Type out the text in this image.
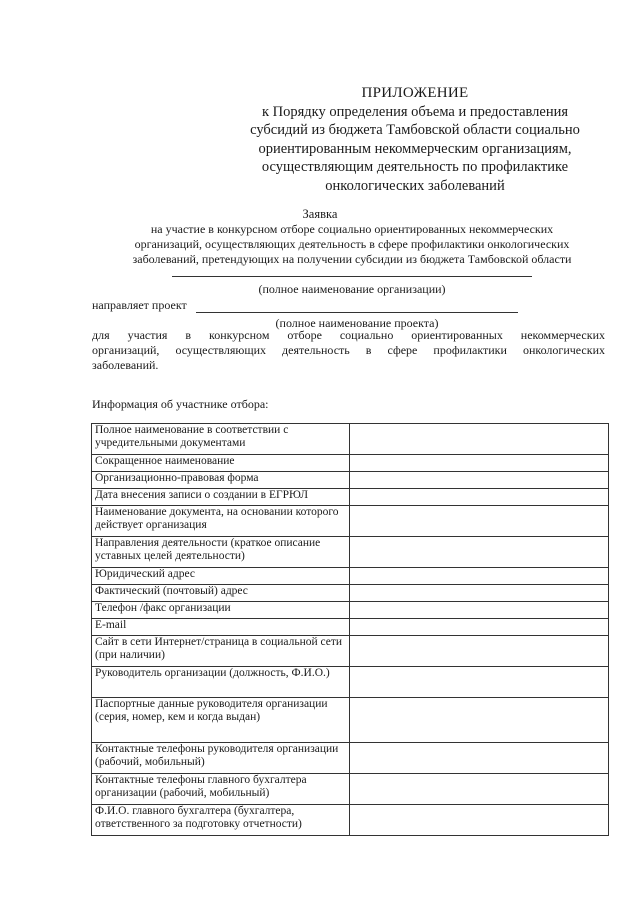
ПРИЛОЖЕНИЕ
к Порядку определения объема и предоставления
субсидий из бюджета Тамбовской области социально
ориентированным некоммерческим организациям,
осуществляющим деятельность по профилактике
онкологических заболеваний
Заявка
на участие в конкурсном отборе социально ориентированных некоммерческих
организаций, осуществляющих деятельность в сфере профилактики онкологических
заболеваний, претендующих на получении субсидии из бюджета Тамбовской области
(полное наименование организации)
направляет проект
(полное наименование проекта)
для участия в конкурсном отборе социально ориентированных некоммерческих
организаций, осуществляющих деятельность в сфере профилактики онкологических
заболеваний.
Информация об участнике отбора:
Полное наименование в соответствии с учредительными документами	
Сокращенное наименование	
Организационно-правовая форма	
Дата внесения записи о создании в ЕГРЮЛ	
Наименование документа, на основании которого действует организация	
Направления деятельности (краткое описание уставных целей деятельности)	
Юридический адрес	
Фактический (почтовый) адрес	
Телефон /факс организации	
E-mail	
Сайт в сети Интернет/страница в социальной сети (при наличии)	
Руководитель организации (должность, Ф.И.О.)	
Паспортные данные руководителя организации (серия, номер, кем и когда выдан)	
Контактные телефоны руководителя организации (рабочий, мобильный)	
Контактные телефоны главного бухгалтера организации (рабочий, мобильный)	
Ф.И.О. главного бухгалтера (бухгалтера, ответственного за подготовку отчетности)	
